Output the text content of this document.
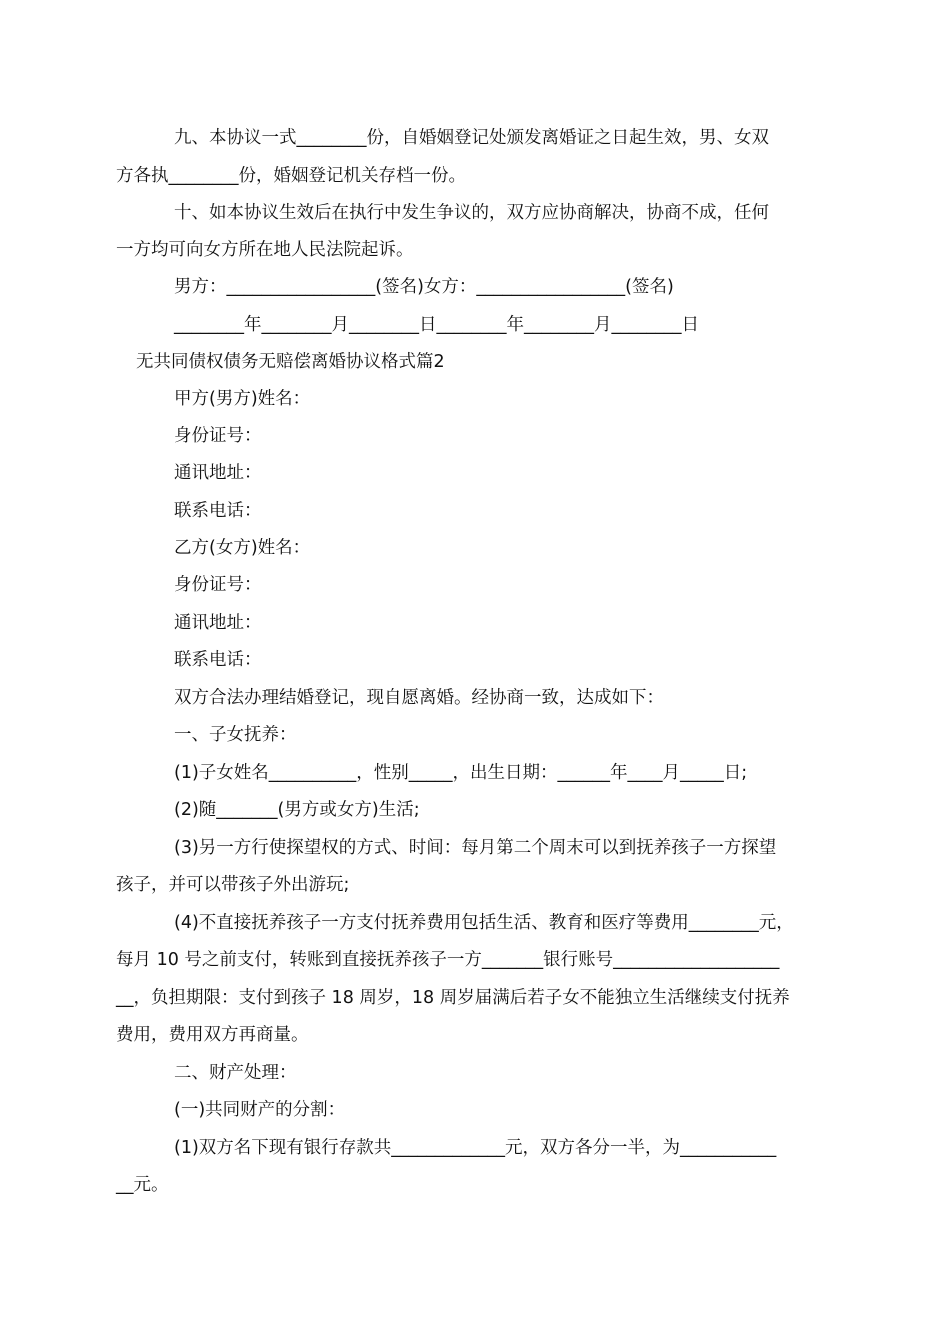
九、本协议一式________份，自婚姻登记处颁发离婚证之日起生效，男、女双
方各执________份，婚姻登记机关存档一份。
十、如本协议生效后在执行中发生争议的，双方应协商解决，协商不成，任何
一方均可向女方所在地人民法院起诉。
男方：_________________(签名)女方：_________________(签名)
________年________月________日________年________月________日
无共同债权债务无赔偿离婚协议格式篇2
甲方(男方)姓名：
身份证号：
通讯地址：
联系电话：
乙方(女方)姓名：
身份证号：
通讯地址：
联系电话：
双方合法办理结婚登记，现自愿离婚。经协商一致，达成如下：
一、子女抚养：
(1)子女姓名__________，性别_____，出生日期：______年____月_____日;
(2)随_______(男方或女方)生活;
(3)另一方行使探望权的方式、时间：每月第二个周末可以到抚养孩子一方探望
孩子，并可以带孩子外出游玩;
(4)不直接抚养孩子一方支付抚养费用包括生活、教育和医疗等费用________元，
每月 10 号之前支付，转账到直接抚养孩子一方_______银行账号___________________
__，负担期限：支付到孩子 18 周岁，18 周岁届满后若子女不能独立生活继续支付抚养
费用，费用双方再商量。
二、财产处理：
(一)共同财产的分割：
(1)双方名下现有银行存款共_____________元，双方各分一半，为___________
__元。
